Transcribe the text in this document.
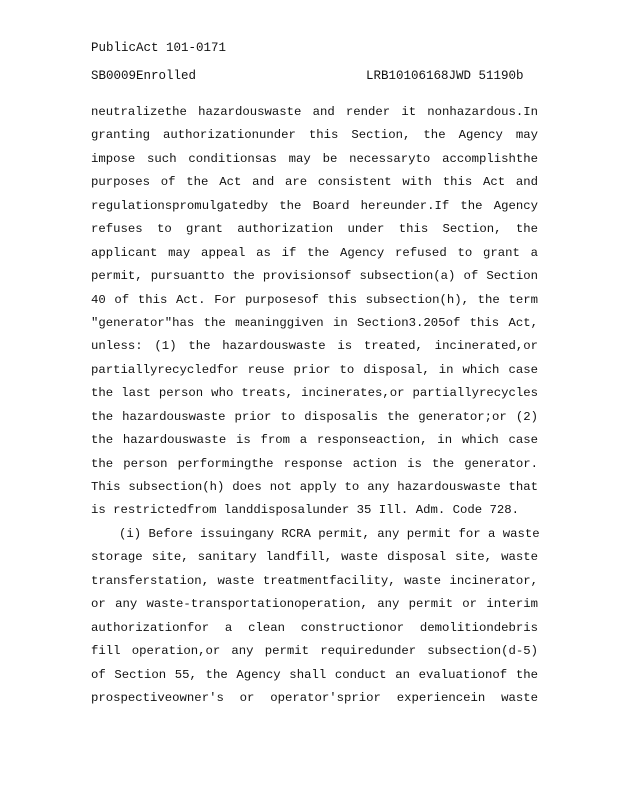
PublicAct 101-0171
SB0009Enrolled	LRB10106168JWD 51190b
neutralizethe hazardouswaste and render it nonhazardous.In
granting authorizationunder this Section, the Agency may
impose such conditionsas may be necessaryto accomplishthe
purposes of the Act and are consistent with this Act and
regulationspromulgatedby the Board hereunder.If the Agency
refuses to grant authorization under this Section, the
applicant may appeal as if the Agency refused to grant a
permit, pursuantto the provisionsof subsection(a) of Section
40 of this Act. For purposesof this subsection(h), the term
"generator"has the meaninggiven in Section3.205of this Act,
unless: (1) the hazardouswaste is treated, incinerated,or
partiallyrecycledfor reuse prior to disposal, in which case
the last person who treats, incinerates,or partiallyrecycles
the hazardouswaste prior to disposalis the generator;or (2)
the hazardouswaste is from a responseaction, in which case
the person performingthe response action is the generator.
This subsection(h) does not apply to any hazardouswaste that
is restrictedfrom landdisposalunder 35 Ill. Adm. Code 728.
(i) Before issuingany RCRA permit, any permit for a waste
storage site, sanitary landfill, waste disposal site, waste
transferstation, waste treatmentfacility, waste incinerator,
or any waste-transportationoperation, any permit or interim
authorizationfor a clean constructionor demolitiondebris
fill operation,or any permit requiredunder subsection(d-5)
of Section 55, the Agency shall conduct an evaluationof the
prospectiveowner's or operator'sprior experiencein waste
